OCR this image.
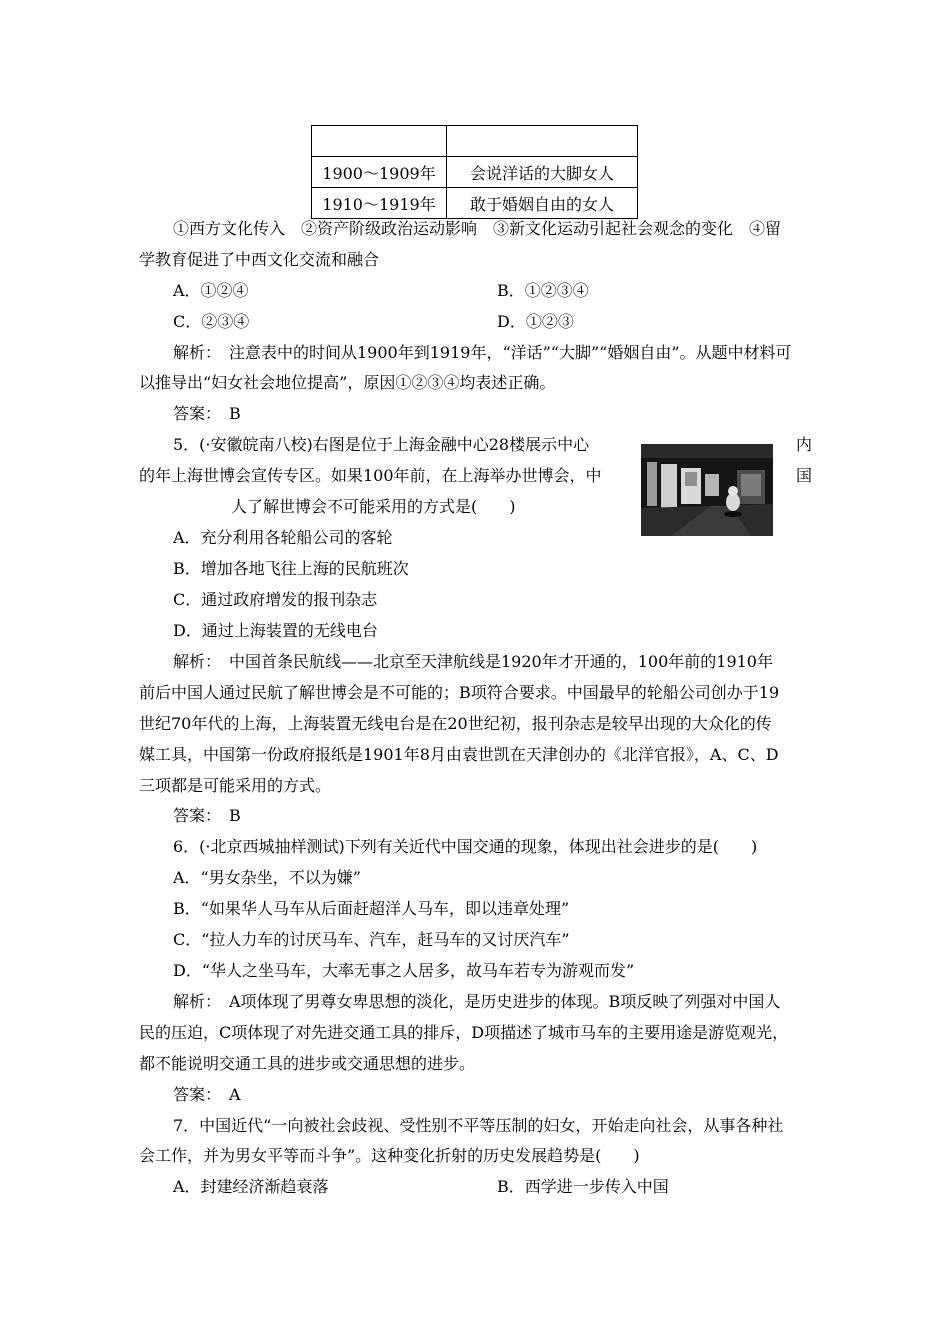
1900～1909年	会说洋话的大脚女人
1910～1919年	敢于婚姻自由的女人
①西方文化传入　②资产阶级政治运动影响　③新文化运动引起社会观念的变化　④留
学教育促进了中西文化交流和融合
A．①②④	B．①②③④
C．②③④	D．①②③
解析：　注意表中的时间从1900年到1919年，“洋话”“大脚”“婚姻自由”。从题中材料可
以推导出“妇女社会地位提高”，原因①②③④均表述正确。
答案：　B
5．(·安徽皖南八校)右图是位于上海金融中心28楼展示中心	内
的年上海世博会宣传专区。如果100年前，在上海举办世博会，中	国
人了解世博会不可能采用的方式是(　　)
A．充分利用各轮船公司的客轮
B．增加各地飞往上海的民航班次
C．通过政府增发的报刊杂志
D．通过上海装置的无线电台
解析：　中国首条民航线——北京至天津航线是1920年才开通的，100年前的1910年
前后中国人通过民航了解世博会是不可能的；B项符合要求。中国最早的轮船公司创办于19
世纪70年代的上海，上海装置无线电台是在20世纪初，报刊杂志是较早出现的大众化的传
媒工具，中国第一份政府报纸是1901年8月由袁世凯在天津创办的《北洋官报》，A、C、D
三项都是可能采用的方式。
答案：　B
6．(·北京西城抽样测试)下列有关近代中国交通的现象，体现出社会进步的是(　　)
A．“男女杂坐，不以为嫌”
B．“如果华人马车从后面赶超洋人马车，即以违章处理”
C．“拉人力车的讨厌马车、汽车，赶马车的又讨厌汽车”
D．“华人之坐马车，大率无事之人居多，故马车若专为游观而发”
解析：　A项体现了男尊女卑思想的淡化，是历史进步的体现。B项反映了列强对中国人
民的压迫，C项体现了对先进交通工具的排斥，D项描述了城市马车的主要用途是游览观光，
都不能说明交通工具的进步或交通思想的进步。
答案：　A
7．中国近代“一向被社会歧视、受性别不平等压制的妇女，开始走向社会，从事各种社
会工作，并为男女平等而斗争”。这种变化折射的历史发展趋势是(　　)
A．封建经济渐趋衰落	B．西学进一步传入中国
